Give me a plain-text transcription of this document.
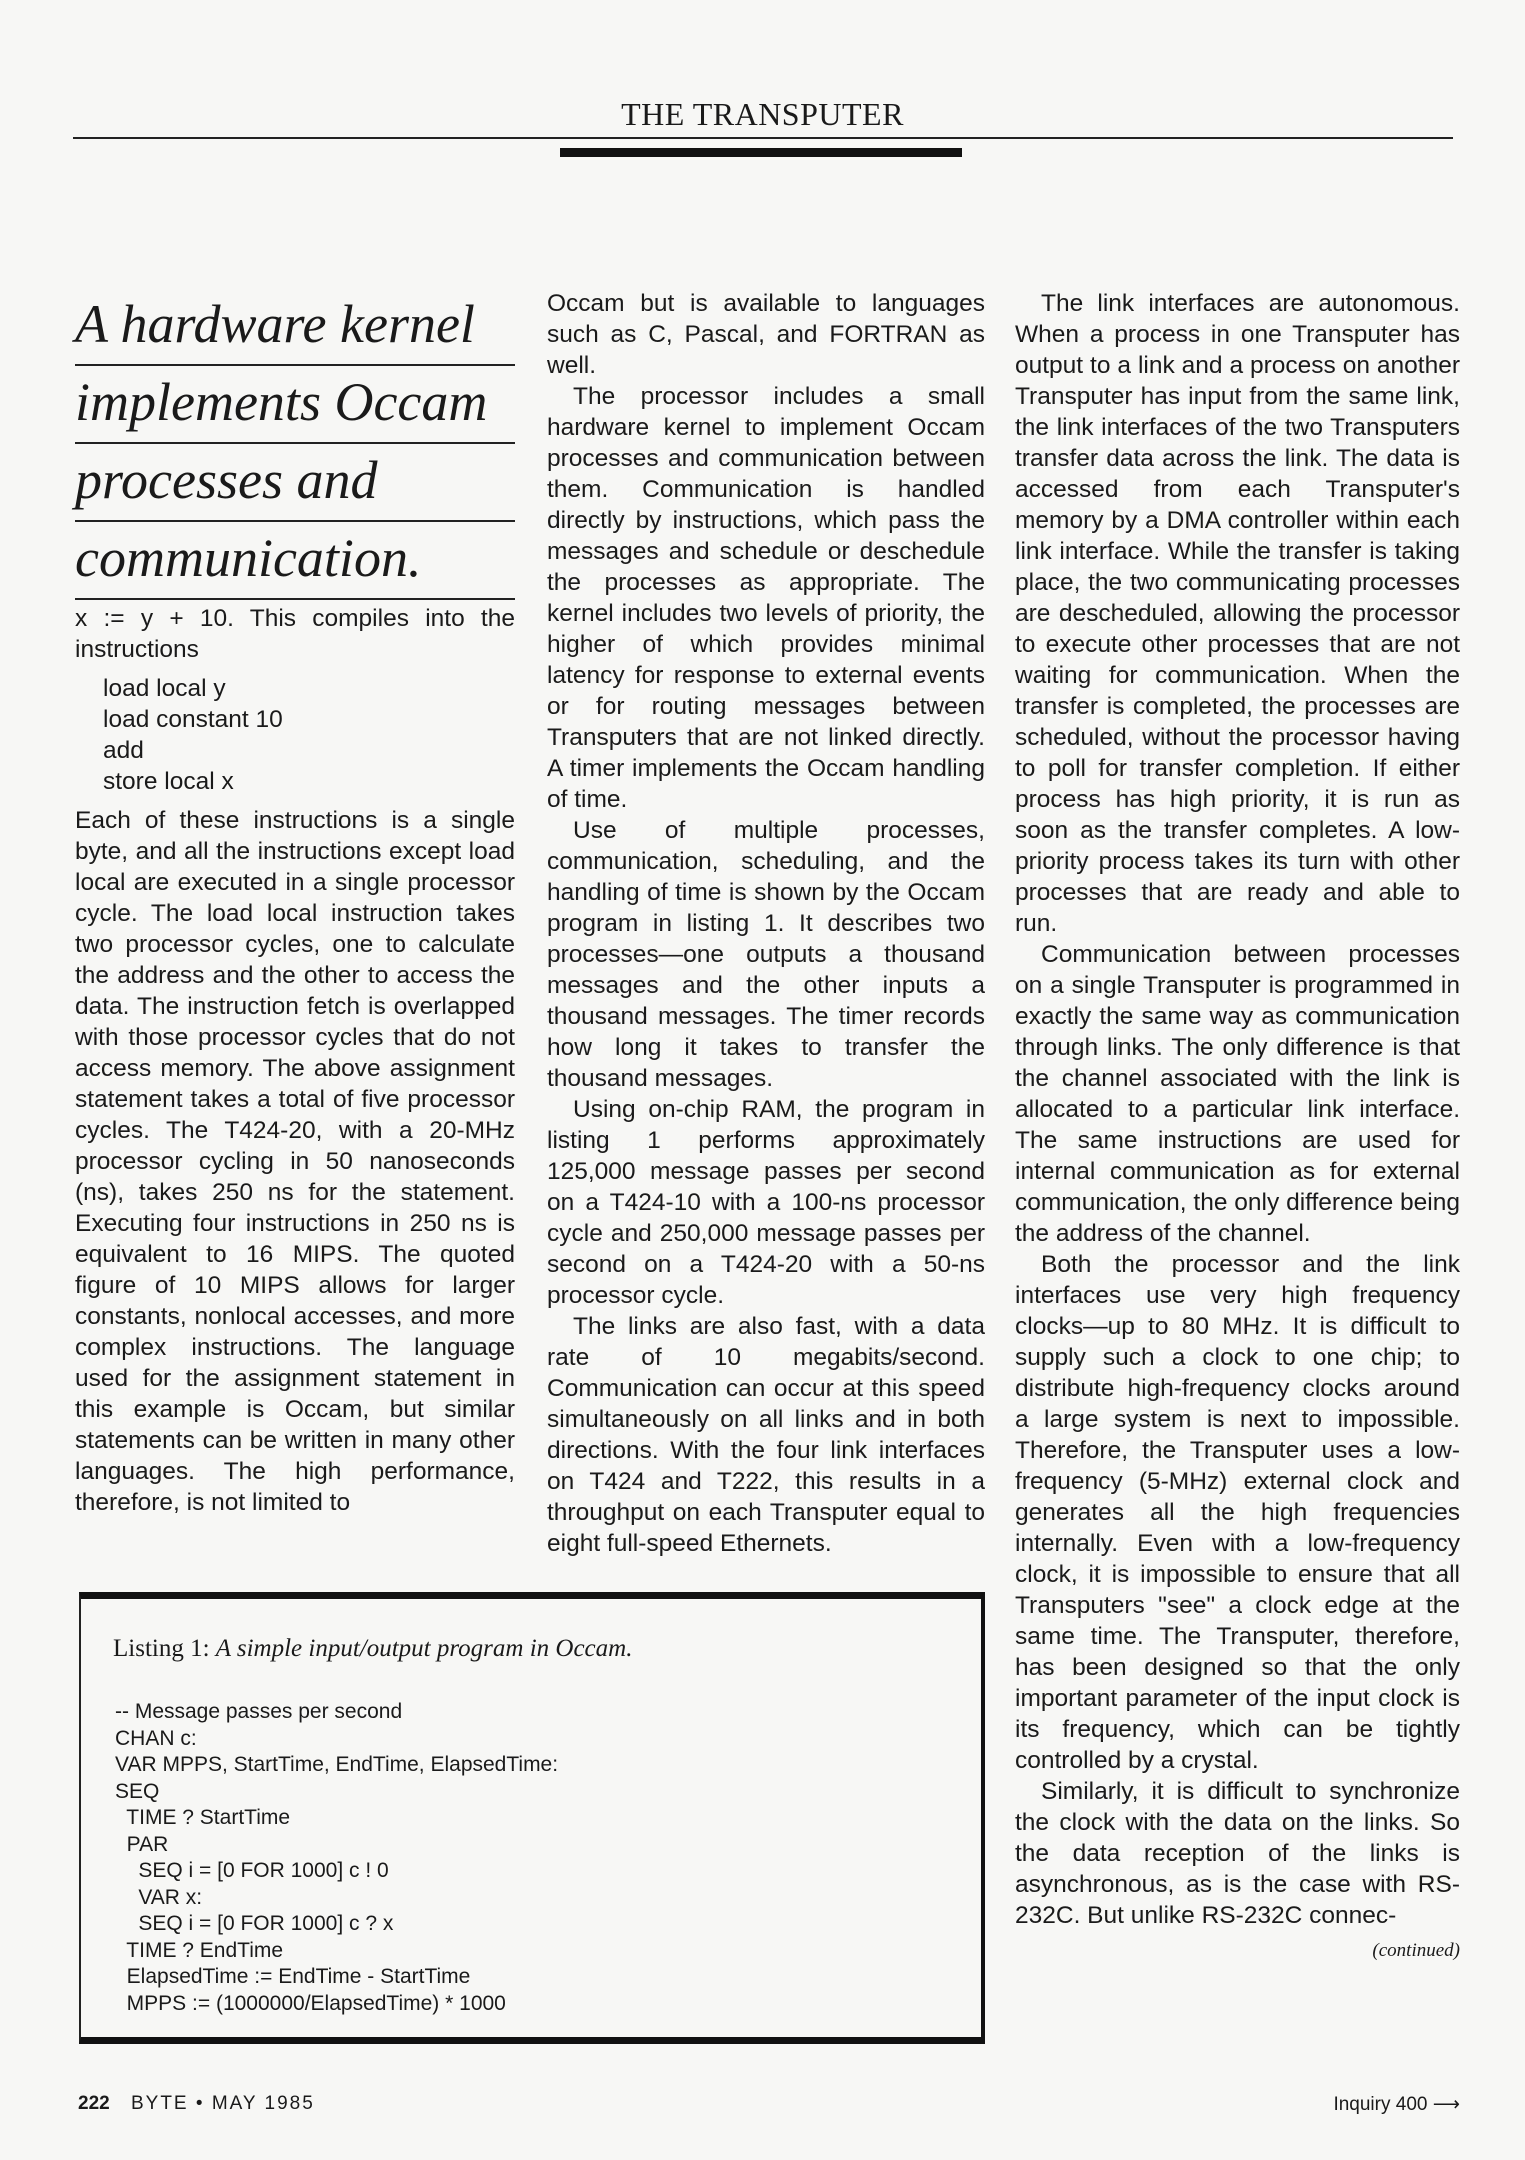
THE TRANSPUTER
A hardware kernel
implements Occam
processes and
communication.

x := y + 10. This compiles into the instructions

load local y
load constant 10
add
store local x

Each of these instructions is a single byte, and all the instructions except load local are executed in a single processor cycle. The load local instruction takes two processor cycles, one to calculate the address and the other to access the data. The instruction fetch is overlapped with those processor cycles that do not access memory. The above assignment statement takes a total of five processor cycles. The T424-20, with a 20-MHz processor cycling in 50 nanoseconds (ns), takes 250 ns for the statement. Executing four instructions in 250 ns is equivalent to 16 MIPS. The quoted figure of 10 MIPS allows for larger constants, nonlocal accesses, and more complex instructions. The language used for the assignment statement in this example is Occam, but similar statements can be written in many other languages. The high performance, therefore, is not limited to

Occam but is available to languages such as C, Pascal, and FORTRAN as well.

The processor includes a small hardware kernel to implement Occam processes and communication between them. Communication is handled directly by instructions, which pass the messages and schedule or deschedule the processes as appropriate. The kernel includes two levels of priority, the higher of which provides minimal latency for response to external events or for routing messages between Transputers that are not linked directly. A timer implements the Occam handling of time.

Use of multiple processes, communication, scheduling, and the handling of time is shown by the Occam program in listing 1. It describes two processes—one outputs a thousand messages and the other inputs a thousand messages. The timer records how long it takes to transfer the thousand messages.

Using on-chip RAM, the program in listing 1 performs approximately 125,000 message passes per second on a T424-10 with a 100-ns processor cycle and 250,000 message passes per second on a T424-20 with a 50-ns processor cycle.

The links are also fast, with a data rate of 10 megabits/second. Communication can occur at this speed simultaneously on all links and in both directions. With the four link interfaces on T424 and T222, this results in a throughput on each Transputer equal to eight full-speed Ethernets.

The link interfaces are autonomous. When a process in one Transputer has output to a link and a process on another Transputer has input from the same link, the link interfaces of the two Transputers transfer data across the link. The data is accessed from each Transputer's memory by a DMA controller within each link interface. While the transfer is taking place, the two communicating processes are descheduled, allowing the processor to execute other processes that are not waiting for communication. When the transfer is completed, the processes are scheduled, without the processor having to poll for transfer completion. If either process has high priority, it is run as soon as the transfer completes. A low-priority process takes its turn with other processes that are ready and able to run.

Communication between processes on a single Transputer is programmed in exactly the same way as communication through links. The only difference is that the channel associated with the link is allocated to a particular link interface. The same instructions are used for internal communication as for external communication, the only difference being the address of the channel.

Both the processor and the link interfaces use very high frequency clocks—up to 80 MHz. It is difficult to supply such a clock to one chip; to distribute high-frequency clocks around a large system is next to impossible. Therefore, the Transputer uses a low-frequency (5-MHz) external clock and generates all the high frequencies internally. Even with a low-frequency clock, it is impossible to ensure that all Transputers "see" a clock edge at the same time. The Transputer, therefore, has been designed so that the only important parameter of the input clock is its frequency, which can be tightly controlled by a crystal.

Similarly, it is difficult to synchronize the clock with the data on the links. So the data reception of the links is asynchronous, as is the case with RS-232C. But unlike RS-232C connec-

(continued)
Listing 1: A simple input/output program in Occam.
-- Message passes per second
CHAN c:
VAR MPPS, StartTime, EndTime, ElapsedTime:
SEQ
TIME ? StartTime
PAR
SEQ i = [0 FOR 1000] c ! 0
VAR x:
SEQ i = [0 FOR 1000] c ? x
TIME ? EndTime
ElapsedTime := EndTime - StartTime
MPPS := (1000000/ElapsedTime) * 1000
222 BYTE • MAY 1985	Inquiry 400 ⟶
